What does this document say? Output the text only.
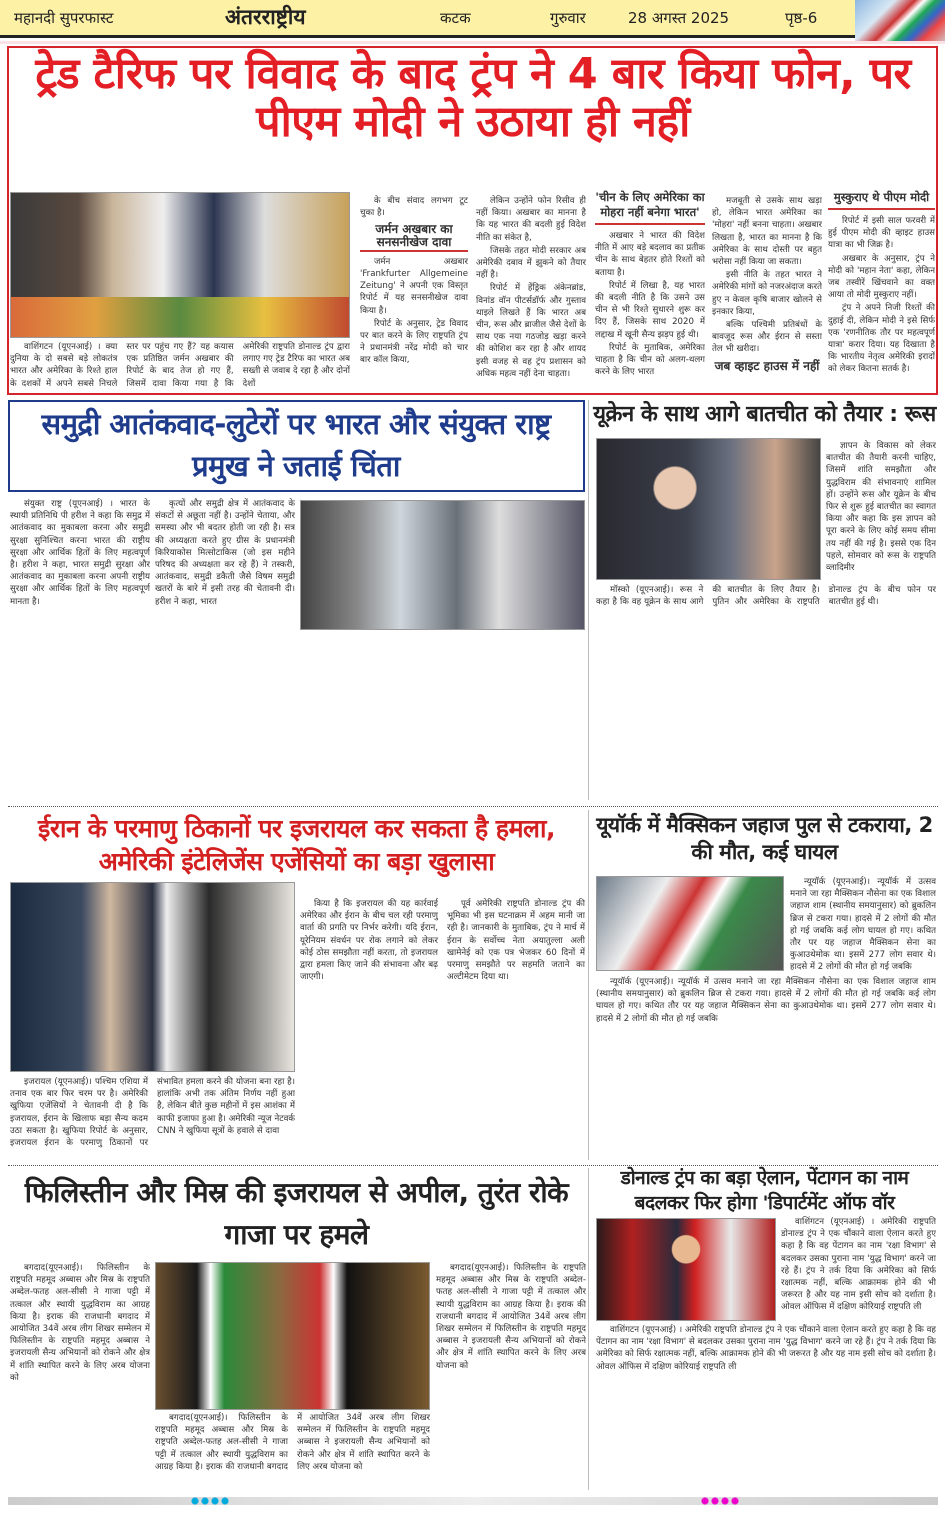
महानदी सुपरफास्ट	अंतरराष्ट्रीय	कटक	गुरुवार	28 अगस्त 2025	पृष्ठ-6
ट्रेड टैरिफ पर विवाद के बाद ट्रंप ने 4 बार किया फोन, पर पीएम मोदी ने उठाया ही नहीं

वाशिंगटन (यूएनआई) । क्या दुनिया के दो सबसे बड़े लोकतंत्र भारत और अमेरिका के रिश्ते हाल के दशकों में अपने सबसे निचले स्तर पर पहुंच गए हैं? यह कयास एक प्रतिष्ठित जर्मन अखबार की रिपोर्ट के बाद तेज हो गए हैं, जिसमें दावा किया गया है कि अमेरिकी राष्ट्रपति डोनाल्ड ट्रंप द्वारा लगाए गए ट्रेड टैरिफ का भारत अब सख्ती से जवाब दे रहा है और दोनों देशों

के बीच संवाद लगभग टूट चुका है।

जर्मन अखबार का सनसनीखेज दावा

जर्मन अखबार 'Frankfurter Allgemeine Zeitung' ने अपनी एक विस्तृत रिपोर्ट में यह सनसनीखेज दावा किया है।

रिपोर्ट के अनुसार, ट्रेड विवाद पर बात करने के लिए राष्ट्रपति ट्रंप ने प्रधानमंत्री नरेंद्र मोदी को चार बार कॉल किया,

लेकिन उन्होंने फोन रिसीव ही नहीं किया। अखबार का मानना है कि यह भारत की बदली हुई विदेश नीति का संकेत है,

जिसके तहत मोदी सरकार अब अमेरिकी दबाव में झुकने को तैयार नहीं है।

रिपोर्ट में हेंड्रिक अंकेनब्रांड, विनांड वॉन पीटर्सडॉर्फ और गुस्ताव थाइले लिखते हैं कि भारत अब चीन, रूस और ब्राजील जैसे देशों के साथ एक नया गठजोड़ खड़ा करने की कोशिश कर रहा है और शायद इसी वजह से वह ट्रंप प्रशासन को अधिक महत्व नहीं देना चाहता।

'चीन के लिए अमेरिका का मोहरा नहीं बनेगा भारत'

अखबार ने भारत की विदेश नीति में आए बड़े बदलाव का प्रतीक चीन के साथ बेहतर होते रिश्तों को बताया है।

रिपोर्ट में लिखा है, यह भारत की बदली नीति है कि उसने उस चीन से भी रिश्ते सुधारने शुरू कर दिए हैं, जिसके साथ 2020 में लद्दाख में खूनी सैन्य झड़प हुई थी।

रिपोर्ट के मुताबिक, अमेरिका चाहता है कि चीन को अलग-थलग करने के लिए भारत

मजबूती से उसके साथ खड़ा हो, लेकिन भारत अमेरिका का 'मोहरा' नहीं बनना चाहता। अखबार लिखता है, भारत का मानना है कि अमेरिका के साथ दोस्ती पर बहुत भरोसा नहीं किया जा सकता।

इसी नीति के तहत भारत ने अमेरिकी मांगों को नजरअंदाज करते हुए न केवल कृषि बाजार खोलने से इनकार किया,

बल्कि पश्चिमी प्रतिबंधों के बावजूद रूस और ईरान से सस्ता तेल भी खरीदा।

जब व्हाइट हाउस में नहीं
मुस्कुराए थे पीएम मोदी

रिपोर्ट में इसी साल फरवरी में हुई पीएम मोदी की व्हाइट हाउस यात्रा का भी जिक्र है।

अखबार के अनुसार, ट्रंप ने मोदी को 'महान नेता' कहा, लेकिन जब तस्वीरें खिंचवाने का वक्त आया तो मोदी मुस्कुराए नहीं।

ट्रंप ने अपने निजी रिश्तों की दुहाई दी, लेकिन मोदी ने इसे सिर्फ एक 'रणनीतिक तौर पर महत्वपूर्ण यात्रा' करार दिया। यह दिखाता है कि भारतीय नेतृत्व अमेरिकी इरादों को लेकर कितना सतर्क है।

समुद्री आतंकवाद-लुटेरों पर भारत और संयुक्त राष्ट्र प्रमुख ने जताई चिंता

संयुक्त राष्ट्र (यूएनआई) । भारत के स्थायी प्रतिनिधि पी हरीश ने कहा कि समुद्र में आतंकवाद का मुकाबला करना और समुद्री सुरक्षा सुनिश्चित करना भारत की राष्ट्रीय सुरक्षा और आर्थिक हितों के लिए महत्वपूर्ण है। हरीश ने कहा, भारत समुद्री सुरक्षा और आतंकवाद का मुकाबला करना अपनी राष्ट्रीय सुरक्षा और आर्थिक हितों के लिए महत्वपूर्ण मानता है।

कृत्यों और समुद्री क्षेत्र में आतंकवाद के संकटों से अछूता नहीं है। उन्होंने चेताया, और समस्या और भी बदतर होती जा रही है। सत्र की अध्यक्षता करते हुए ग्रीस के प्रधानमंत्री किरियाकोस मित्सोटाकिस (जो इस महीने परिषद की अध्यक्षता कर रहे हैं) ने तस्करी, आतंकवाद, समुद्री डकैती जैसे विषम समुद्री खतरों के बारे में इसी तरह की चेतावनी दी। हरीश ने कहा, भारत

यूक्रेन के साथ आगे बातचीत को तैयार : रूस

ज्ञापन के विकास को लेकर बातचीत की तैयारी करनी चाहिए, जिसमें शांति समझौता और युद्धविराम की संभावनाएं शामिल हों। उन्होंने रूस और यूक्रेन के बीच फिर से शुरू हुई बातचीत का स्वागत किया और कहा कि इस ज्ञापन को पूरा करने के लिए कोई समय सीमा तय नहीं की गई है। इससे एक दिन पहले, सोमवार को रूस के राष्ट्रपति व्लादिमीर

मॉस्को (यूएनआई)। रूस ने कहा है कि वह यूक्रेन के साथ आगे की बातचीत के लिए तैयार है। पुतिन और अमेरिका के राष्ट्रपति डोनाल्ड ट्रंप के बीच फोन पर बातचीत हुई थी।

ईरान के परमाणु ठिकानों पर इजरायल कर सकता है हमला, अमेरिकी इंटेलिजेंस एजेंसियों का बड़ा खुलासा

इजरायल (यूएनआई)। पश्चिम एशिया में तनाव एक बार फिर चरम पर है। अमेरिकी खुफिया एजेंसियों ने चेतावनी दी है कि इजरायल, ईरान के खिलाफ बड़ा सैन्य कदम उठा सकता है। खुफिया रिपोर्ट के अनुसार, इजरायल ईरान के परमाणु ठिकानों पर संभावित हमला करने की योजना बना रहा है। हालांकि अभी तक अंतिम निर्णय नहीं हुआ है, लेकिन बीते कुछ महीनों में इस आशंका में काफी इजाफा हुआ है। अमेरिकी न्यूज नेटवर्क CNN ने खुफिया सूत्रों के हवाले से दावा

किया है कि इजरायल की यह कार्रवाई अमेरिका और ईरान के बीच चल रही परमाणु वार्ता की प्रगति पर निर्भर करेगी। यदि ईरान, यूरेनियम संवर्धन पर रोक लगाने को लेकर कोई ठोस समझौता नहीं करता, तो इजरायल द्वारा हमला किए जाने की संभावना और बढ़ जाएगी।

पूर्व अमेरिकी राष्ट्रपति डोनाल्ड ट्रंप की भूमिका भी इस घटनाक्रम में अहम मानी जा रही है। जानकारी के मुताबिक, ट्रंप ने मार्च में ईरान के सर्वोच्च नेता अयातुल्ला अली खामेनेई को एक पत्र भेजकर 60 दिनों में परमाणु समझौते पर सहमति जताने का अल्टीमेटम दिया था।

यूयॉर्क में मैक्सिकन जहाज पुल से टकराया, 2 की मौत, कई घायल

न्यूयॉर्क (यूएनआई)। न्यूयॉर्क में उत्सव मनाने जा रहा मैक्सिकन नौसेना का एक विशाल जहाज शाम (स्थानीय समयानुसार) को ब्रुकलिन ब्रिज से टकरा गया। हादसे में 2 लोगों की मौत हो गई जबकि कई लोग घायल हो गए। कथित तौर पर यह जहाज मैक्सिकन सेना का कुआउथेमोक था। इसमें 277 लोग सवार थे। हादसे में 2 लोगों की मौत हो गई जबकि

न्यूयॉर्क (यूएनआई)। न्यूयॉर्क में उत्सव मनाने जा रहा मैक्सिकन नौसेना का एक विशाल जहाज शाम (स्थानीय समयानुसार) को ब्रुकलिन ब्रिज से टकरा गया। हादसे में 2 लोगों की मौत हो गई जबकि कई लोग घायल हो गए। कथित तौर पर यह जहाज मैक्सिकन सेना का कुआउथेमोक था। इसमें 277 लोग सवार थे। हादसे में 2 लोगों की मौत हो गई जबकि

फिलिस्तीन और मिस्र की इजरायल से अपील, तुरंत रोके गाजा पर हमले

बगदाद(यूएनआई)। फिलिस्तीन के राष्ट्रपति महमूद अब्बास और मिस्र के राष्ट्रपति अब्देल-फतह अल-सीसी ने गाजा पट्टी में तत्काल और स्थायी युद्धविराम का आग्रह किया है। इराक की राजधानी बगदाद में आयोजित 34वें अरब लीग शिखर सम्मेलन में फिलिस्तीन के राष्ट्रपति महमूद अब्बास ने इजरायली सैन्य अभियानों को रोकने और क्षेत्र में शांति स्थापित करने के लिए अरब योजना को

बगदाद(यूएनआई)। फिलिस्तीन के राष्ट्रपति महमूद अब्बास और मिस्र के राष्ट्रपति अब्देल-फतह अल-सीसी ने गाजा पट्टी में तत्काल और स्थायी युद्धविराम का आग्रह किया है। इराक की राजधानी बगदाद में आयोजित 34वें अरब लीग शिखर सम्मेलन में फिलिस्तीन के राष्ट्रपति महमूद अब्बास ने इजरायली सैन्य अभियानों को रोकने और क्षेत्र में शांति स्थापित करने के लिए अरब योजना को

बगदाद(यूएनआई)। फिलिस्तीन के राष्ट्रपति महमूद अब्बास और मिस्र के राष्ट्रपति अब्देल-फतह अल-सीसी ने गाजा पट्टी में तत्काल और स्थायी युद्धविराम का आग्रह किया है। इराक की राजधानी बगदाद में आयोजित 34वें अरब लीग शिखर सम्मेलन में फिलिस्तीन के राष्ट्रपति महमूद अब्बास ने इजरायली सैन्य अभियानों को रोकने और क्षेत्र में शांति स्थापित करने के लिए अरब योजना को

डोनाल्ड ट्रंप का बड़ा ऐलान, पेंटागन का नाम बदलकर फिर होगा 'डिपार्टमेंट ऑफ वॉर

वाशिंगटन (यूएनआई) । अमेरिकी राष्ट्रपति डोनाल्ड ट्रंप ने एक चौंकाने वाला ऐलान करते हुए कहा है कि वह पेंटागन का नाम 'रक्षा विभाग' से बदलकर उसका पुराना नाम 'युद्ध विभाग' करने जा रहे हैं। ट्रंप ने तर्क दिया कि अमेरिका को सिर्फ रक्षात्मक नहीं, बल्कि आक्रामक होने की भी जरूरत है और यह नाम इसी सोच को दर्शाता है। ओवल ऑफिस में दक्षिण कोरियाई राष्ट्रपति ली

वाशिंगटन (यूएनआई) । अमेरिकी राष्ट्रपति डोनाल्ड ट्रंप ने एक चौंकाने वाला ऐलान करते हुए कहा है कि वह पेंटागन का नाम 'रक्षा विभाग' से बदलकर उसका पुराना नाम 'युद्ध विभाग' करने जा रहे हैं। ट्रंप ने तर्क दिया कि अमेरिका को सिर्फ रक्षात्मक नहीं, बल्कि आक्रामक होने की भी जरूरत है और यह नाम इसी सोच को दर्शाता है। ओवल ऑफिस में दक्षिण कोरियाई राष्ट्रपति ली
